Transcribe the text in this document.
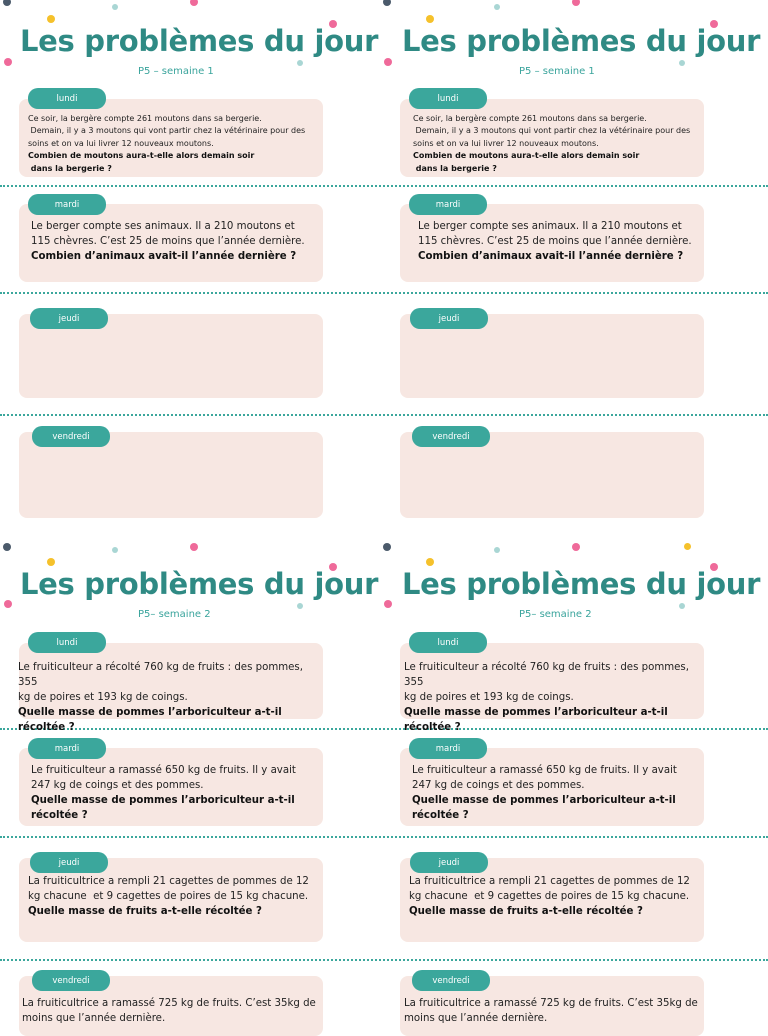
Les problèmes du jour
P5 – semaine 1
Les problèmes du jour
P5 – semaine 1
Les problèmes du jour
P5– semaine 2
Les problèmes du jour
P5– semaine 2
lundi

Ce soir, la bergère compte 261 moutons dans sa bergerie.

Demain, il y a 3 moutons qui vont partir chez la vétérinaire pour des

soins et on va lui livrer 12 nouveaux moutons.

Combien de moutons aura-t-elle alors demain soir

dans la bergerie ?

mardi

Le berger compte ses animaux. Il a 210 moutons et

115 chèvres. C’est 25 de moins que l’année dernière.

Combien d’animaux avait-il l’année dernière ?

jeudi
vendredi
lundi

Ce soir, la bergère compte 261 moutons dans sa bergerie.

Demain, il y a 3 moutons qui vont partir chez la vétérinaire pour des

soins et on va lui livrer 12 nouveaux moutons.

Combien de moutons aura-t-elle alors demain soir

dans la bergerie ?

mardi

Le berger compte ses animaux. Il a 210 moutons et

115 chèvres. C’est 25 de moins que l’année dernière.

Combien d’animaux avait-il l’année dernière ?

jeudi
vendredi
lundi

Le fruiticulteur a récolté 760 kg de fruits : des pommes, 355

kg de poires et 193 kg de coings.

Quelle masse de pommes l’arboriculteur a-t-il récoltée ?

mardi

Le fruiticulteur a ramassé 650 kg de fruits. Il y avait

247 kg de coings et des pommes.

Quelle masse de pommes l’arboriculteur a-t-il

récoltée ?

jeudi

La fruiticultrice a rempli 21 cagettes de pommes de 12

kg chacune  et 9 cagettes de poires de 15 kg chacune.

Quelle masse de fruits a-t-elle récoltée ?

vendredi

La fruiticultrice a ramassé 725 kg de fruits. C’est 35kg de

moins que l’année dernière.

lundi

Le fruiticulteur a récolté 760 kg de fruits : des pommes, 355

kg de poires et 193 kg de coings.

Quelle masse de pommes l’arboriculteur a-t-il récoltée ?

mardi

Le fruiticulteur a ramassé 650 kg de fruits. Il y avait

247 kg de coings et des pommes.

Quelle masse de pommes l’arboriculteur a-t-il

récoltée ?

jeudi

La fruiticultrice a rempli 21 cagettes de pommes de 12

kg chacune  et 9 cagettes de poires de 15 kg chacune.

Quelle masse de fruits a-t-elle récoltée ?

vendredi

La fruiticultrice a ramassé 725 kg de fruits. C’est 35kg de

moins que l’année dernière.
